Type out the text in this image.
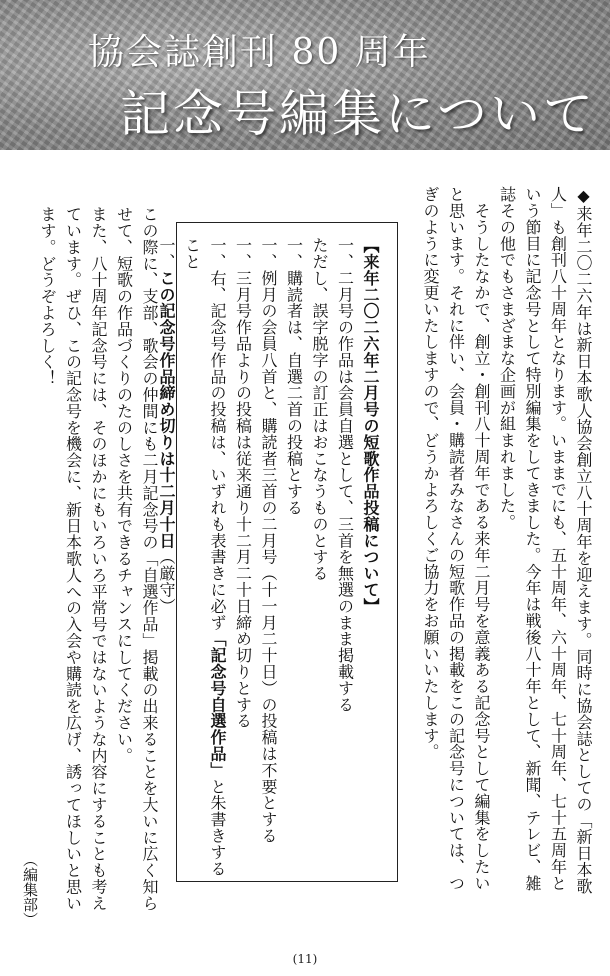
協会誌創刊 80 周年
記念号編集について
◆来年二〇二六年は新日本歌人協会創立八十周年を迎えます。同時に協会誌としての「新日本歌人」も創刊八十周年となります。いままでにも、五十周年、六十周年、七十周年、七十五周年という節目に記念号として特別編集をしてきました。今年は戦後八十年として、新聞、テレビ、雑誌その他でもさまざまな企画が組まれました。
　そうしたなかで、創立・創刊八十周年である来年二月号を意義ある記念号として編集をしたいと思います。それに伴い、会員・購読者みなさんの短歌作品の掲載をこの記念号については、つぎのように変更いたしますので、どうかよろしくご協力をお願いいたします。
【来年二〇二六年二月号の短歌作品投稿について】
一、二月号の作品は会員自選として、三首を無選のまま掲載する
ただし、誤字脱字の訂正はおこなうものとする
一、購読者は、自選二首の投稿とする
一、例月の会員八首と、購読者三首の二月号（十一月二十日）の投稿は不要とする
一、三月号作品よりの投稿は従来通り十二月二十日締め切りとする
一、右、記念号作品の投稿は、いずれも表書きに必ず「記念号自選作品」と朱書きすること
一、この記念号作品締め切りは十二月十日（厳守）
この際に、支部、歌会の仲間にも二月記念号の「自選作品」掲載の出来ることを大いに広く知らせて、短歌の作品づくりのたのしさを共有できるチャンスにしてください。
また、八十周年記念号には、そのほかにもいろいろ平常号ではないような内容にすることも考えています。ぜひ、この記念号を機会に、新日本歌人への入会や購読を広げ、誘ってほしいと思います。どうぞよろしく！
（編集部）
(11)
